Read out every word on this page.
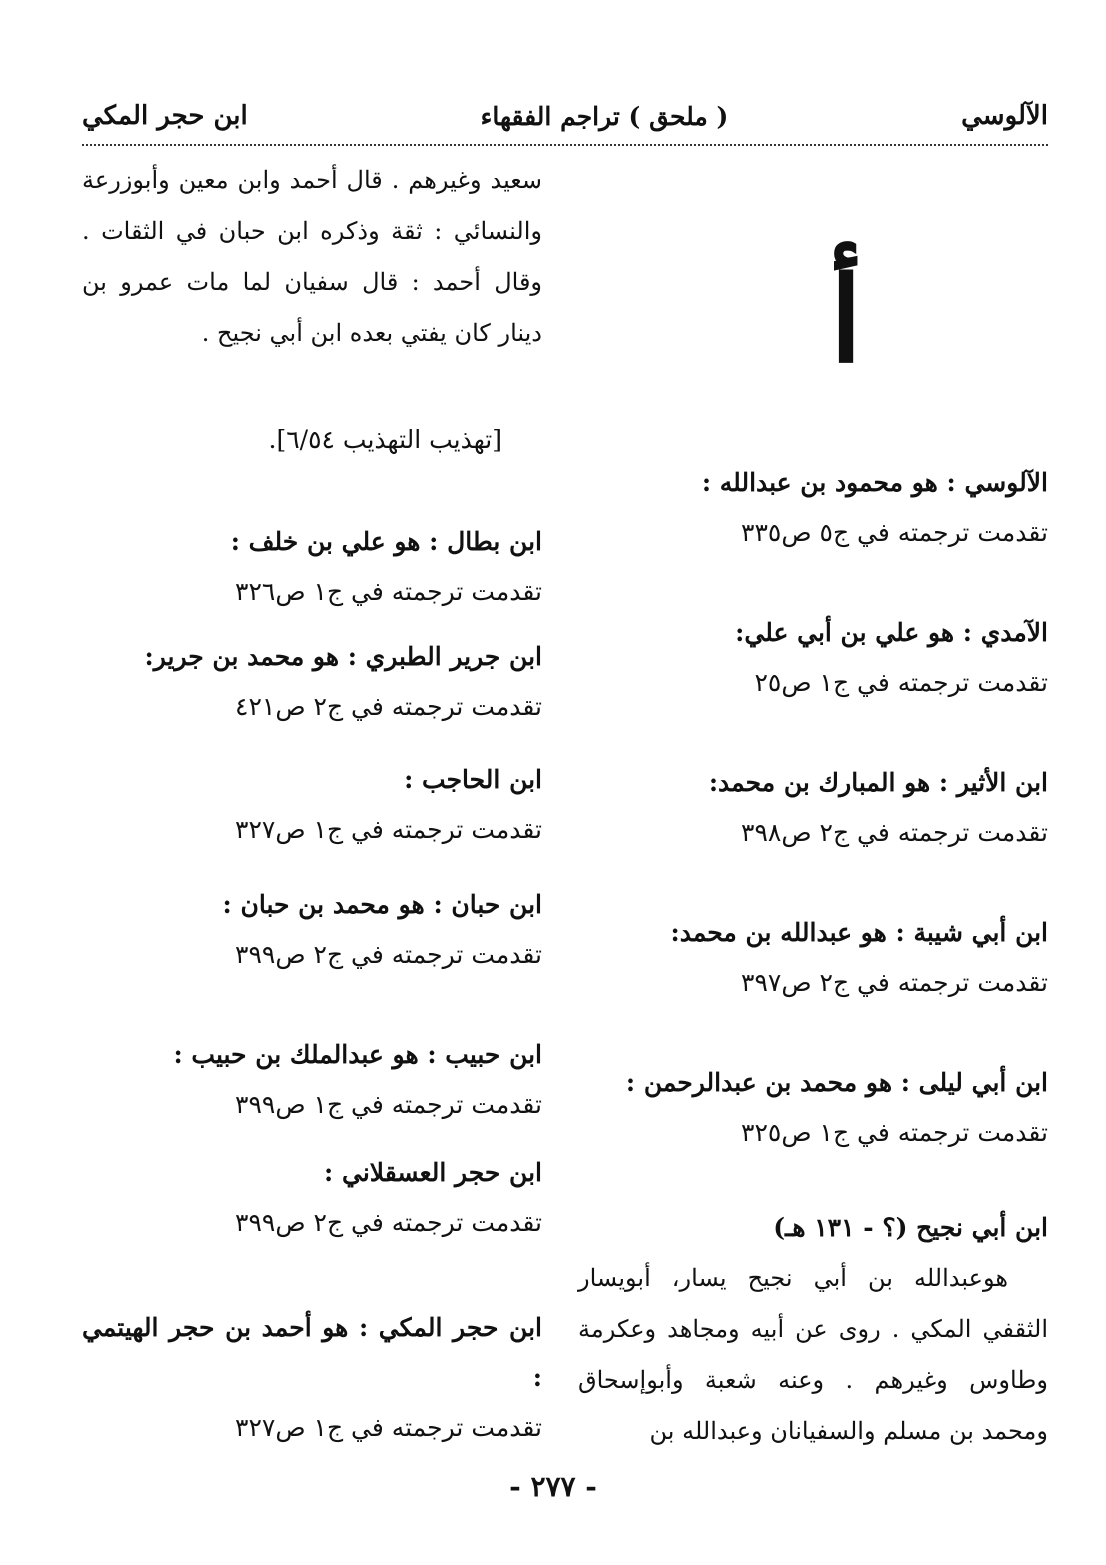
الآلوسي
( ملحق ) تراجم الفقهاء
ابن حجر المكي
أ
الآلوسي : هو محمود بن عبدالله :
تقدمت ترجمته في ج٥ ص٣٣٥
الآمدي : هو علي بن أبي علي:
تقدمت ترجمته في ج١ ص٢٥
ابن الأثير : هو المبارك بن محمد:
تقدمت ترجمته في ج٢ ص٣٩٨
ابن أبي شيبة : هو عبدالله بن محمد:
تقدمت ترجمته في ج٢ ص٣٩٧
ابن أبي ليلى : هو محمد بن عبدالرحمن :
تقدمت ترجمته في ج١ ص٣٢٥
ابن أبي نجيح (؟ - ١٣١ هـ)
هوعبدالله بن أبي نجيح يسار، أبويسار الثقفي المكي . روى عن أبيه ومجاهد وعكرمة وطاوس وغيرهم . وعنه شعبة وأبوإسحاق ومحمد بن مسلم والسفيانان وعبدالله بن
سعيد وغيرهم . قال أحمد وابن معين وأبوزرعة والنسائي : ثقة وذكره ابن حبان في الثقات . وقال أحمد : قال سفيان لما مات عمرو بن دينار كان يفتي بعده ابن أبي نجيح .
[تهذيب التهذيب ٦/٥٤].
ابن بطال : هو علي بن خلف :
تقدمت ترجمته في ج١ ص٣٢٦
ابن جرير الطبري : هو محمد بن جرير:
تقدمت ترجمته في ج٢ ص٤٢١
ابن الحاجب :
تقدمت ترجمته في ج١ ص٣٢٧
ابن حبان : هو محمد بن حبان :
تقدمت ترجمته في ج٢ ص٣٩٩
ابن حبيب : هو عبدالملك بن حبيب :
تقدمت ترجمته في ج١ ص٣٩٩
ابن حجر العسقلاني :
تقدمت ترجمته في ج٢ ص٣٩٩
ابن حجر المكي : هو أحمد بن حجر الهيتمي :
تقدمت ترجمته في ج١ ص٣٢٧
- ٢٧٧ -
